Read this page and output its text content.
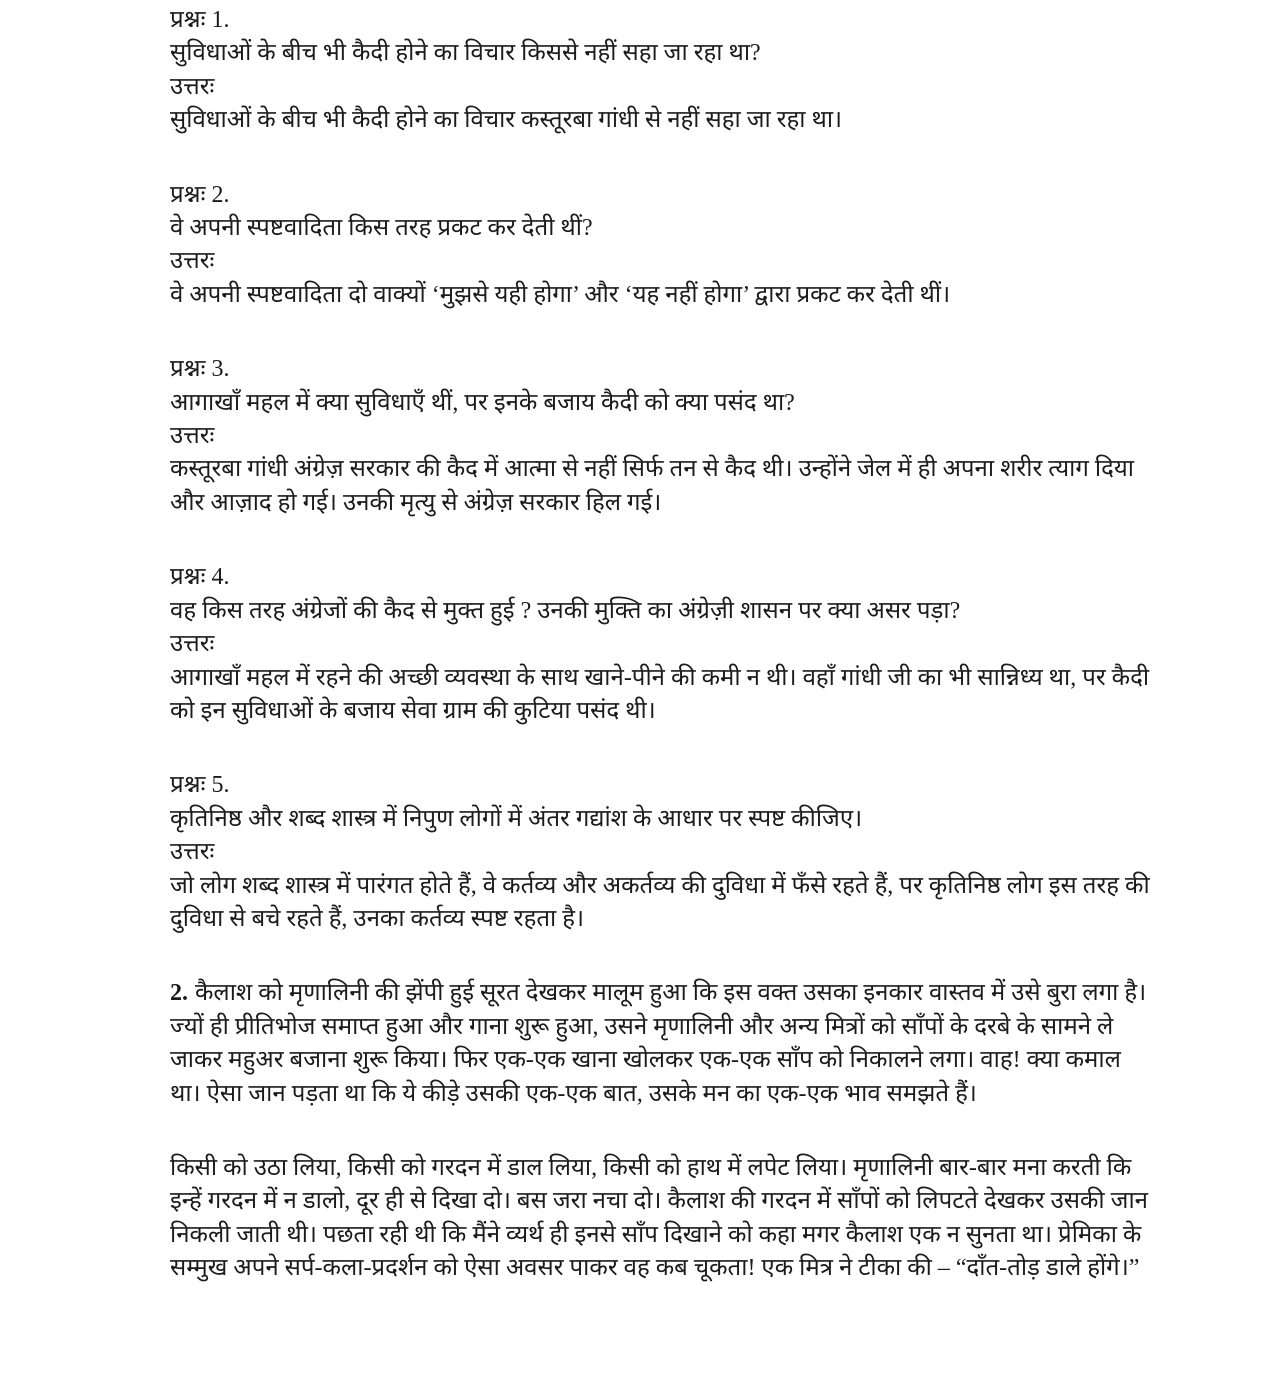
प्रश्नः 1.

सुविधाओं के बीच भी कैदी होने का विचार किससे नहीं सहा जा रहा था?

उत्तरः

सुविधाओं के बीच भी कैदी होने का विचार कस्तूरबा गांधी से नहीं सहा जा रहा था।

प्रश्नः 2.

वे अपनी स्पष्टवादिता किस तरह प्रकट कर देती थीं?

उत्तरः

वे अपनी स्पष्टवादिता दो वाक्यों ‘मुझसे यही होगा’ और ‘यह नहीं होगा’ द्वारा प्रकट कर देती थीं।

प्रश्नः 3.

आगाखाँ महल में क्या सुविधाएँ थीं, पर इनके बजाय कैदी को क्या पसंद था?

उत्तरः

कस्तूरबा गांधी अंग्रेज़ सरकार की कैद में आत्मा से नहीं सिर्फ तन से कैद थी। उन्होंने जेल में ही अपना शरीर त्याग दिया और आज़ाद हो गई। उनकी मृत्यु से अंग्रेज़ सरकार हिल गई।

प्रश्नः 4.

वह किस तरह अंग्रेजों की कैद से मुक्त हुई ? उनकी मुक्ति का अंग्रेज़ी शासन पर क्या असर पड़ा?

उत्तरः

आगाखाँ महल में रहने की अच्छी व्यवस्था के साथ खाने-पीने की कमी न थी। वहाँ गांधी जी का भी सान्निध्य था, पर कैदी को इन सुविधाओं के बजाय सेवा ग्राम की कुटिया पसंद थी।

प्रश्नः 5.

कृतिनिष्ठ और शब्द शास्त्र में निपुण लोगों में अंतर गद्यांश के आधार पर स्पष्ट कीजिए।

उत्तरः

जो लोग शब्द शास्त्र में पारंगत होते हैं, वे कर्तव्य और अकर्तव्य की दुविधा में फँसे रहते हैं, पर कृतिनिष्ठ लोग इस तरह की दुविधा से बचे रहते हैं, उनका कर्तव्य स्पष्ट रहता है।

2. कैलाश को मृणालिनी की झेंपी हुई सूरत देखकर मालूम हुआ कि इस वक्त उसका इनकार वास्तव में उसे बुरा लगा है। ज्यों ही प्रीतिभोज समाप्त हुआ और गाना शुरू हुआ, उसने मृणालिनी और अन्य मित्रों को साँपों के दरबे के सामने ले जाकर महुअर बजाना शुरू किया। फिर एक-एक खाना खोलकर एक-एक साँप को निकालने लगा। वाह! क्या कमाल था। ऐसा जान पड़ता था कि ये कीड़े उसकी एक-एक बात, उसके मन का एक-एक भाव समझते हैं।

किसी को उठा लिया, किसी को गरदन में डाल लिया, किसी को हाथ में लपेट लिया। मृणालिनी बार-बार मना करती कि इन्हें गरदन में न डालो, दूर ही से दिखा दो। बस जरा नचा दो। कैलाश की गरदन में साँपों को लिपटते देखकर उसकी जान निकली जाती थी। पछता रही थी कि मैंने व्यर्थ ही इनसे साँप दिखाने को कहा मगर कैलाश एक न सुनता था। प्रेमिका के सम्मुख अपने सर्प-कला-प्रदर्शन को ऐसा अवसर पाकर वह कब चूकता! एक मित्र ने टीका की – “दाँत-तोड़ डाले होंगे।”
